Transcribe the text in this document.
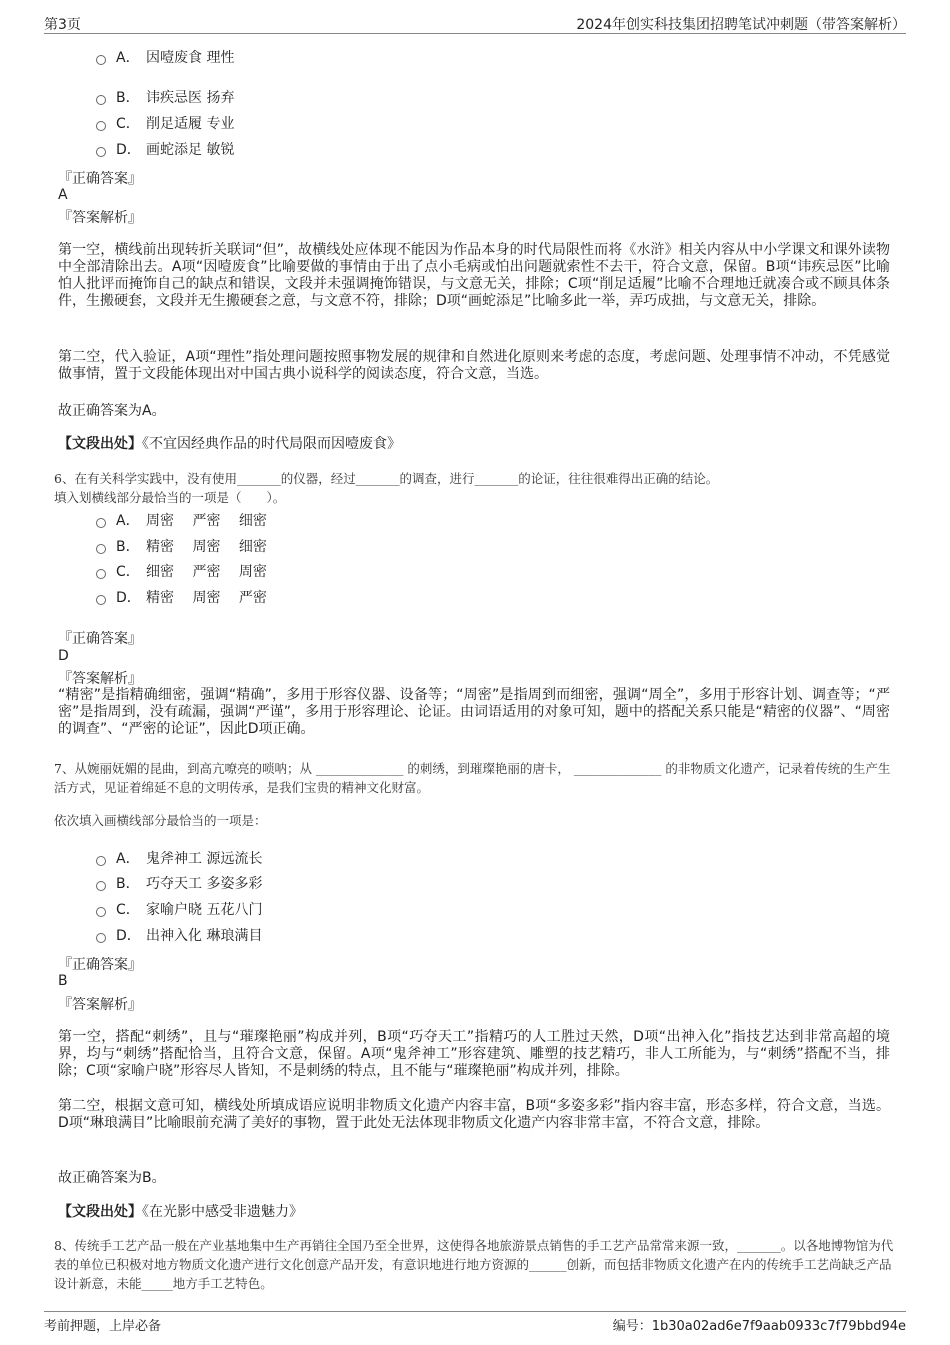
第3页	2024年创实科技集团招聘笔试冲刺题（带答案解析）
A． 因噎废食 理性
B． 讳疾忌医 扬弃
C． 削足适履 专业
D． 画蛇添足 敏锐
『正确答案』
A
『答案解析』
第一空，横线前出现转折关联词“但”，故横线处应体现不能因为作品本身的时代局限性而将《水浒》相关内容从中小学课文和课外读物中全部清除出去。A项“因噎废食”比喻要做的事情由于出了点小毛病或怕出问题就索性不去干，符合文意，保留。B项“讳疾忌医”比喻怕人批评而掩饰自己的缺点和错误，文段并未强调掩饰错误，与文意无关，排除；C项“削足适履”比喻不合理地迁就凑合或不顾具体条件，生搬硬套，文段并无生搬硬套之意，与文意不符，排除；D项“画蛇添足”比喻多此一举，弄巧成拙，与文意无关，排除。
第二空，代入验证，A项“理性”指处理问题按照事物发展的规律和自然进化原则来考虑的态度，考虑问题、处理事情不冲动，不凭感觉做事情，置于文段能体现出对中国古典小说科学的阅读态度，符合文意，当选。
故正确答案为A。
【文段出处】《不宜因经典作品的时代局限而因噎废食》
6、在有关科学实践中，没有使用_______的仪器，经过_______的调查，进行_______的论证，往往很难得出正确的结论。
填入划横线部分最恰当的一项是（　　）。
A． 周密　 严密　 细密
B． 精密　 周密　 细密
C． 细密　 严密　 周密
D． 精密　 周密　 严密
『正确答案』
D
『答案解析』
“精密”是指精确细密，强调“精确”，多用于形容仪器、设备等；“周密”是指周到而细密，强调“周全”，多用于形容计划、调查等；“严密”是指周到，没有疏漏，强调“严谨”，多用于形容理论、论证。由词语适用的对象可知，题中的搭配关系只能是“精密的仪器”、“周密的调查”、“严密的论证”，因此D项正确。
7、从婉丽妩媚的昆曲，到高亢嘹亮的唢呐；从 ______________ 的刺绣，到璀璨艳丽的唐卡， ______________ 的非物质文化遗产，记录着传统的生产生活方式，见证着绵延不息的文明传承，是我们宝贵的精神文化财富。
依次填入画横线部分最恰当的一项是：
A． 鬼斧神工 源远流长
B． 巧夺天工 多姿多彩
C． 家喻户晓 五花八门
D． 出神入化 琳琅满目
『正确答案』
B
『答案解析』
第一空，搭配“刺绣”，且与“璀璨艳丽”构成并列，B项“巧夺天工”指精巧的人工胜过天然，D项“出神入化”指技艺达到非常高超的境界，均与“刺绣”搭配恰当，且符合文意，保留。A项“鬼斧神工”形容建筑、雕塑的技艺精巧，非人工所能为，与“刺绣”搭配不当，排除；C项“家喻户晓”形容尽人皆知，不是刺绣的特点，且不能与“璀璨艳丽”构成并列，排除。
第二空，根据文意可知，横线处所填成语应说明非物质文化遗产内容丰富，B项“多姿多彩”指内容丰富，形态多样，符合文意，当选。D项“琳琅满目”比喻眼前充满了美好的事物，置于此处无法体现非物质文化遗产内容非常丰富，不符合文意，排除。
故正确答案为B。
【文段出处】《在光影中感受非遗魅力》
8、传统手工艺产品一般在产业基地集中生产再销往全国乃至全世界，这使得各地旅游景点销售的手工艺产品常常来源一致，_______。以各地博物馆为代表的单位已积极对地方物质文化遗产进行文化创意产品开发，有意识地进行地方资源的______创新，而包括非物质文化遗产在内的传统手工艺尚缺乏产品设计新意，未能_____地方手工艺特色。
考前押题，上岸必备	编号：1b30a02ad6e7f9aab0933c7f79bbd94e
